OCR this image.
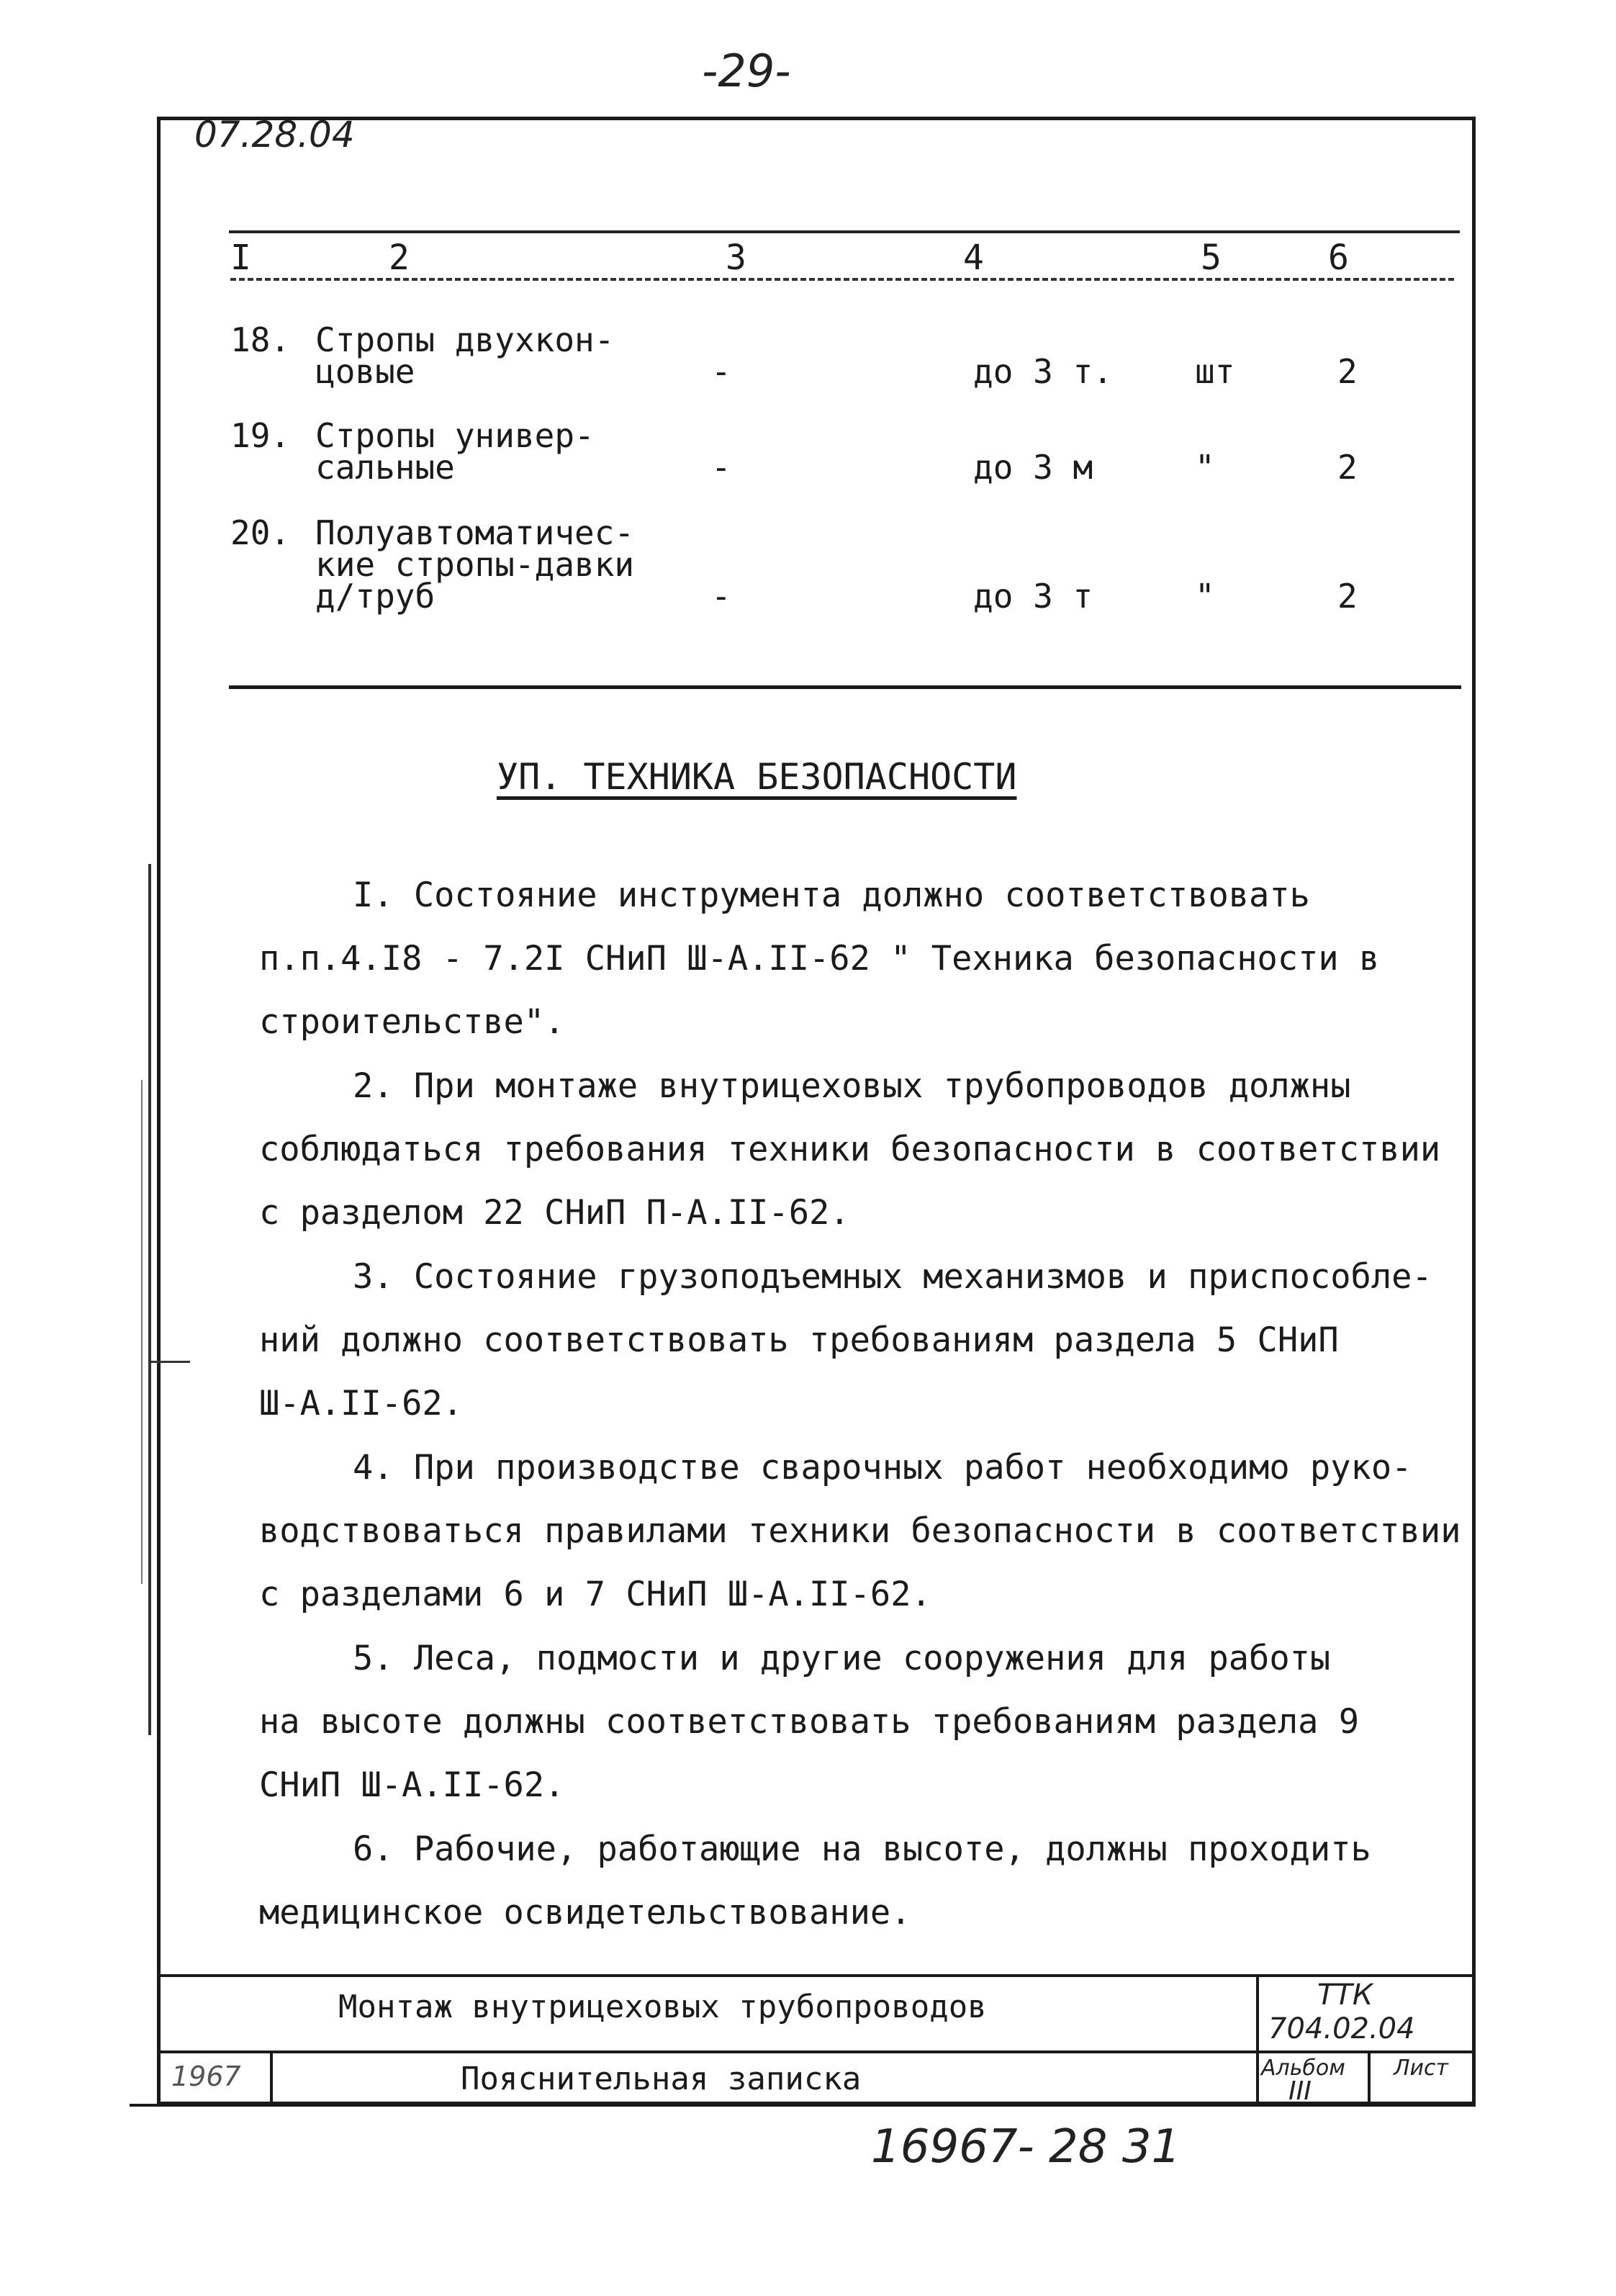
-29-
07.28.04
I	2	3	4	5	6
18. Стропы двухкон-
цовые	-	до 3 т. шт	2
19. Стропы универ-
сальные	-	до 3 м	"	2
20. Полуавтоматичес-
кие стропы-давки
д/труб	-	до 3 т	"	2
УП. ТЕХНИКА БЕЗОПАСНОСТИ
I. Состояние инструмента должно соответствовать
п.п.4.I8 - 7.2I СНиП Ш-А.II-62 " Техника безопасности в
строительстве".
2. При монтаже внутрицеховых трубопроводов должны
соблюдаться требования техники безопасности в соответствии
с разделом 22 СНиП П-А.II-62.
3. Состояние грузоподъемных механизмов и приспособле-
ний должно соответствовать требованиям раздела 5 СНиП
Ш-А.II-62.
4. При производстве сварочных работ необходимо руко-
водствоваться правилами техники безопасности в соответствии
с разделами 6 и 7 СНиП Ш-А.II-62.
5. Леса, подмости и другие сооружения для работы
на высоте должны соответствовать требованиям раздела 9
СНиП Ш-А.II-62.
6. Рабочие, работающие на высоте, должны проходить
медицинское освидетельствование.
Монтаж внутрицеховых трубопроводов
Пояснительная записка
ТТК
704.02.04
Альбом
III
Лист
1967
16967- 28 31
